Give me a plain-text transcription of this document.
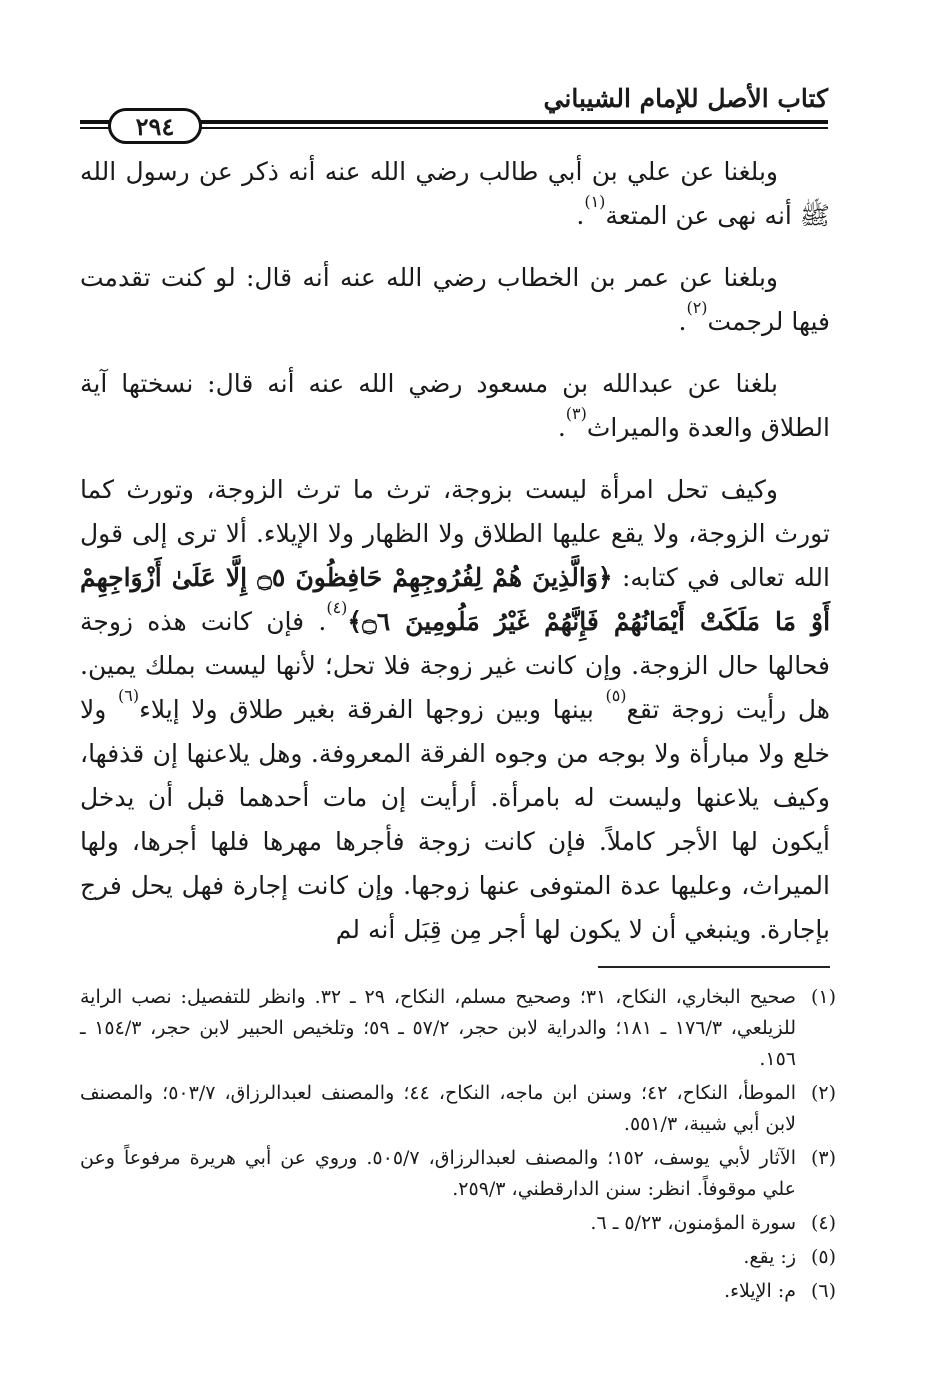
كتاب الأصل للإمام الشيباني
٢٩٤

وبلغنا عن علي بن أبي طالب رضي الله عنه أنه ذكر عن رسول الله ﷺ أنه نهى عن المتعة$^{(١)}$.

وبلغنا عن عمر بن الخطاب رضي الله عنه أنه قال: لو كنت تقدمت فيها لرجمت$^{(٢)}$.

بلغنا عن عبدالله بن مسعود رضي الله عنه أنه قال: نسختها آية الطلاق والعدة والميراث$^{(٣)}$.

وكيف تحل امرأة ليست بزوجة، ترث ما ترث الزوجة، وتورث كما تورث الزوجة، ولا يقع عليها الطلاق ولا الظهار ولا الإيلاء. ألا ترى إلى قول الله تعالى في كتابه: ﴿وَالَّذِينَ هُمْ لِفُرُوجِهِمْ حَافِظُونَ ۝٥ إِلَّا عَلَىٰ أَزْوَاجِهِمْ أَوْ مَا مَلَكَتْ أَيْمَانُهُمْ فَإِنَّهُمْ غَيْرُ مَلُومِينَ ۝٦﴾$^{(٤)}$. فإن كانت هذه زوجة فحالها حال الزوجة. وإن كانت غير زوجة فلا تحل؛ لأنها ليست بملك يمين. هل رأيت زوجة تقع$^{(٥)}$ بينها وبين زوجها الفرقة بغير طلاق ولا إيلاء$^{(٦)}$ ولا خلع ولا مبارأة ولا بوجه من وجوه الفرقة المعروفة. وهل يلاعنها إن قذفها، وكيف يلاعنها وليست له بامرأة. أرأيت إن مات أحدهما قبل أن يدخل أيكون لها الأجر كاملاً. فإن كانت زوجة فأجرها مهرها فلها أجرها، ولها الميراث، وعليها عدة المتوفى عنها زوجها. وإن كانت إجارة فهل يحل فرج بإجارة. وينبغي أن لا يكون لها أجر مِن قِبَل أنه لم

(١)
صحيح البخاري، النكاح، ٣١؛ وصحيح مسلم، النكاح، ٢٩ ـ ٣٢. وانظر للتفصيل: نصب الراية للزيلعي، ١٧٦/٣ ـ ١٨١؛ والدراية لابن حجر، ٥٧/٢ ـ ٥٩؛ وتلخيص الحبير لابن حجر، ١٥٤/٣ ـ ١٥٦.
(٢)
الموطأ، النكاح، ٤٢؛ وسنن ابن ماجه، النكاح، ٤٤؛ والمصنف لعبدالرزاق، ٥٠٣/٧؛ والمصنف لابن أبي شيبة، ٥٥١/٣.
(٣)
الآثار لأبي يوسف، ١٥٢؛ والمصنف لعبدالرزاق، ٥٠٥/٧. وروي عن أبي هريرة مرفوعاً وعن علي موقوفاً. انظر: سنن الدارقطني، ٢٥٩/٣.
(٤)
سورة المؤمنون، ٥/٢٣ ـ ٦.
(٥)
ز: يقع.
(٦)
م: الإيلاء.
